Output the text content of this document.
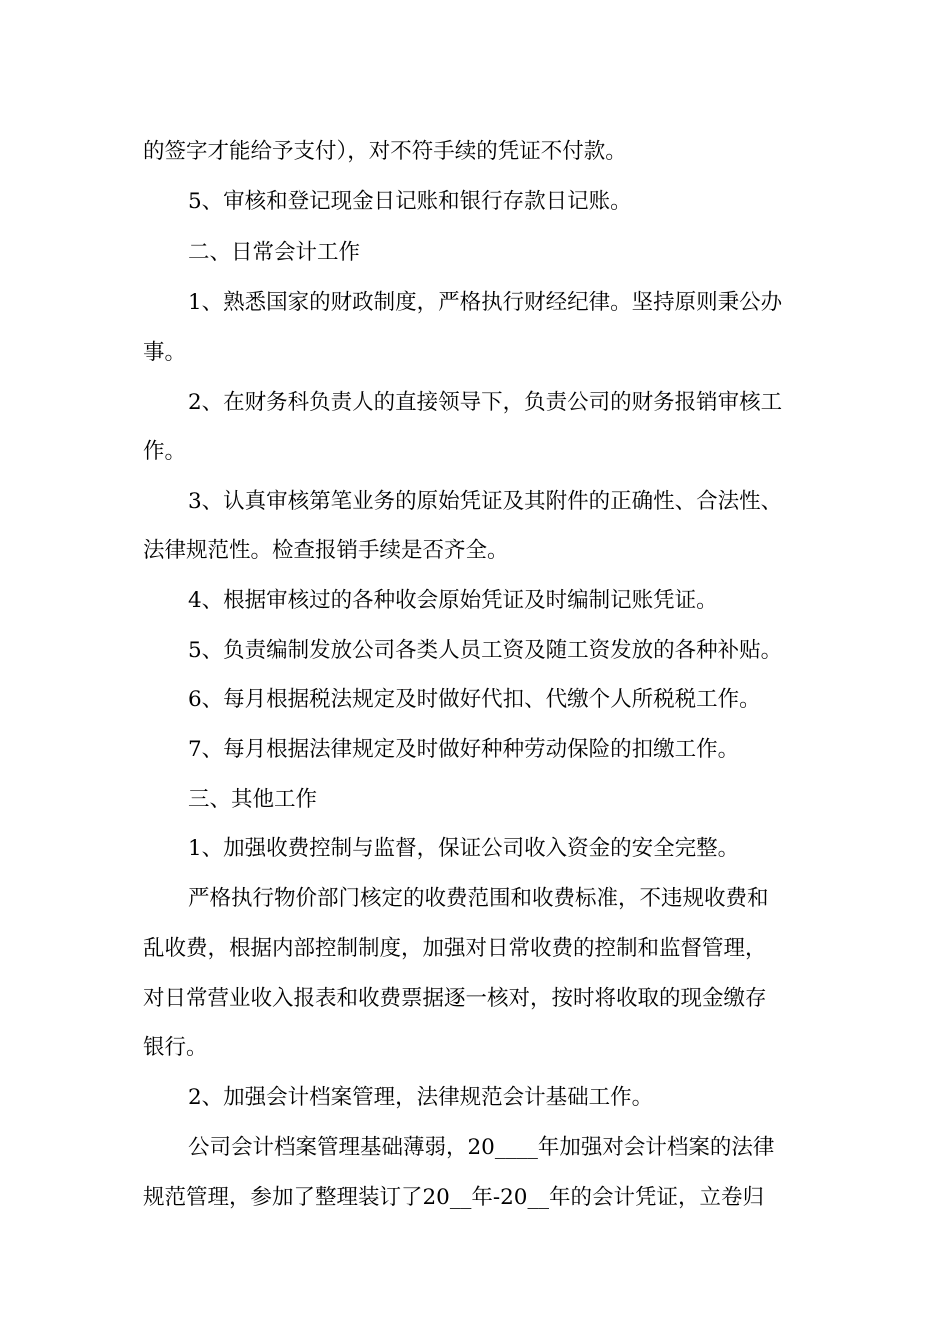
的签字才能给予支付），对不符手续的凭证不付款。
5、审核和登记现金日记账和银行存款日记账。
二、日常会计工作
1、熟悉国家的财政制度，严格执行财经纪律。坚持原则秉公办
事。
2、在财务科负责人的直接领导下，负责公司的财务报销审核工
作。
3、认真审核第笔业务的原始凭证及其附件的正确性、合法性、
法律规范性。检查报销手续是否齐全。
4、根据审核过的各种收会原始凭证及时编制记账凭证。
5、负责编制发放公司各类人员工资及随工资发放的各种补贴。
6、每月根据税法规定及时做好代扣、代缴个人所税税工作。
7、每月根据法律规定及时做好种种劳动保险的扣缴工作。
三、其他工作
1、加强收费控制与监督，保证公司收入资金的安全完整。
严格执行物价部门核定的收费范围和收费标准，不违规收费和
乱收费，根据内部控制制度，加强对日常收费的控制和监督管理，
对日常营业收入报表和收费票据逐一核对，按时将收取的现金缴存
银行。
2、加强会计档案管理，法律规范会计基础工作。
公司会计档案管理基础薄弱，20____年加强对会计档案的法律
规范管理，参加了整理装订了20__年-20__年的会计凭证，立卷归
